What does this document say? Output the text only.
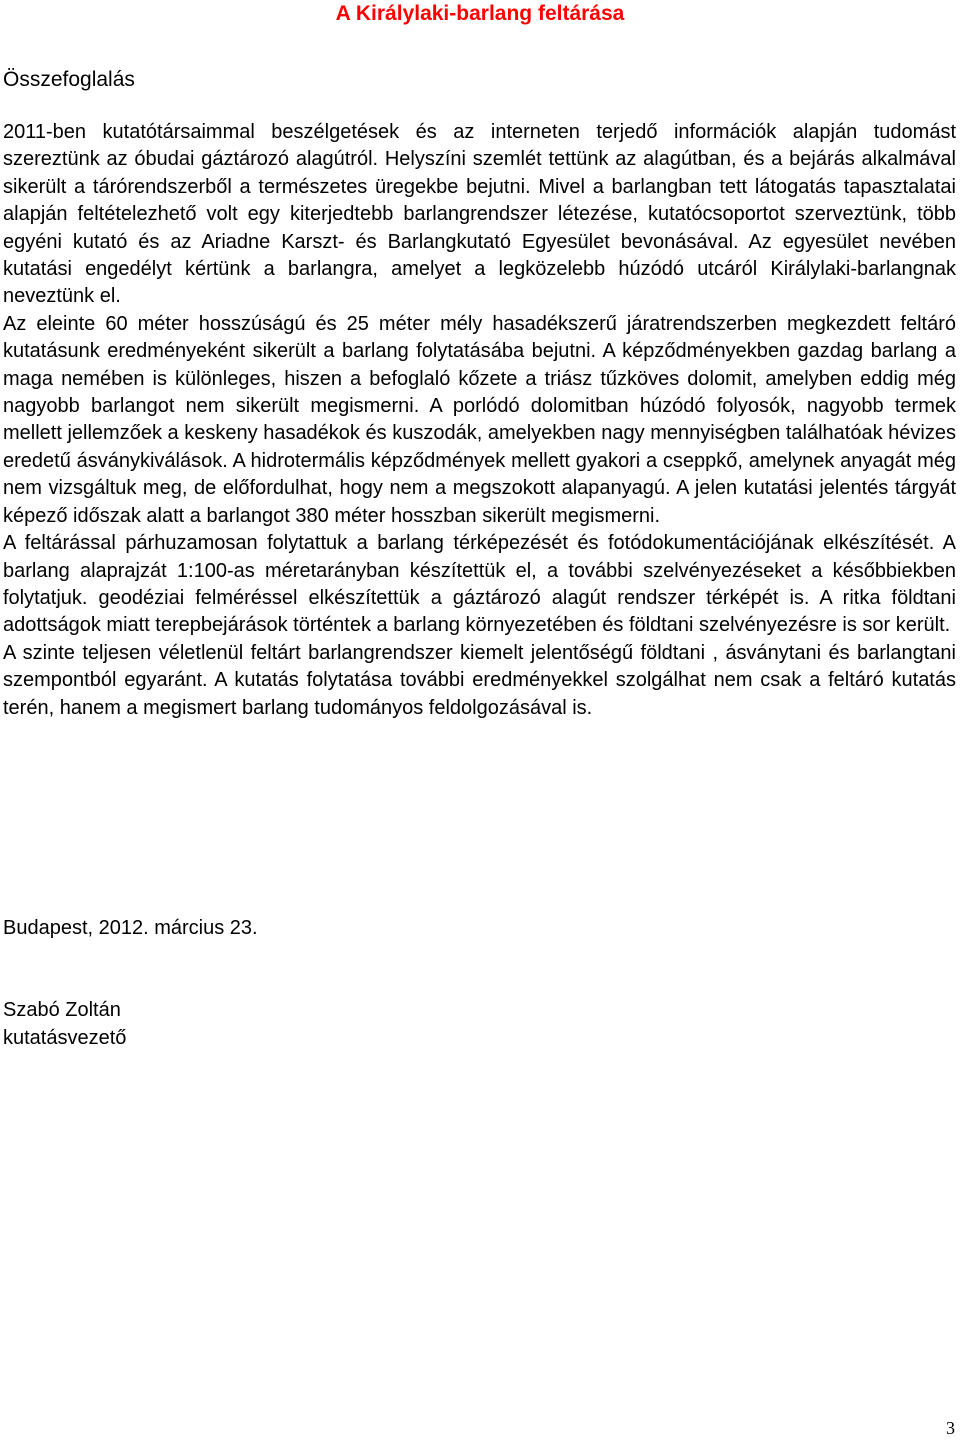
A Királylaki-barlang feltárása
Összefoglalás

2011-ben kutatótársaimmal beszélgetések és az interneten terjedő információk alapján tudomást szereztünk az óbudai gáztározó alagútról. Helyszíni szemlét tettünk az alagútban, és a bejárás alkalmával sikerült a tárórendszerből a természetes üregekbe bejutni. Mivel a barlangban tett látogatás tapasztalatai alapján feltételezhető volt egy kiterjedtebb barlangrendszer létezése, kutatócsoportot szerveztünk, több egyéni kutató és az Ariadne Karszt- és Barlangkutató Egyesület bevonásával. Az egyesület nevében kutatási engedélyt kértünk a barlangra, amelyet a legközelebb húzódó utcáról Királylaki-barlangnak neveztünk el.

Az eleinte 60 méter hosszúságú és 25 méter mély hasadékszerű járatrendszerben megkezdett feltáró kutatásunk eredményeként sikerült a barlang folytatásába bejutni. A képződményekben gazdag barlang a maga nemében is különleges, hiszen a befoglaló kőzete a triász tűzköves dolomit, amelyben eddig még nagyobb barlangot nem sikerült megismerni. A porlódó dolomitban húzódó folyosók, nagyobb termek mellett jellemzőek a keskeny hasadékok és kuszodák, amelyekben nagy mennyiségben találhatóak hévizes eredetű ásványkiválások. A hidrotermális képződmények mellett gyakori a cseppkő, amelynek anyagát még nem vizsgáltuk meg, de előfordulhat, hogy nem a megszokott alapanyagú. A jelen kutatási jelentés tárgyát képező időszak alatt a barlangot 380 méter hosszban sikerült megismerni.

A feltárással párhuzamosan folytattuk a barlang térképezését és fotódokumentációjának elkészítését. A barlang alaprajzát 1:100-as méretarányban készítettük el, a további szelvényezéseket a későbbiekben folytatjuk. geodéziai felméréssel elkészítettük a gáztározó alagút rendszer térképét is. A ritka földtani adottságok miatt terepbejárások történtek a barlang környezetében és földtani szelvényezésre is sor került.

A szinte teljesen véletlenül feltárt barlangrendszer kiemelt jelentőségű földtani , ásványtani és barlangtani szempontból egyaránt. A kutatás folytatása további eredményekkel szolgálhat nem csak a feltáró kutatás terén, hanem a megismert barlang tudományos feldolgozásával is.

Budapest, 2012. március 23.
Szabó Zoltán
kutatásvezető
3
